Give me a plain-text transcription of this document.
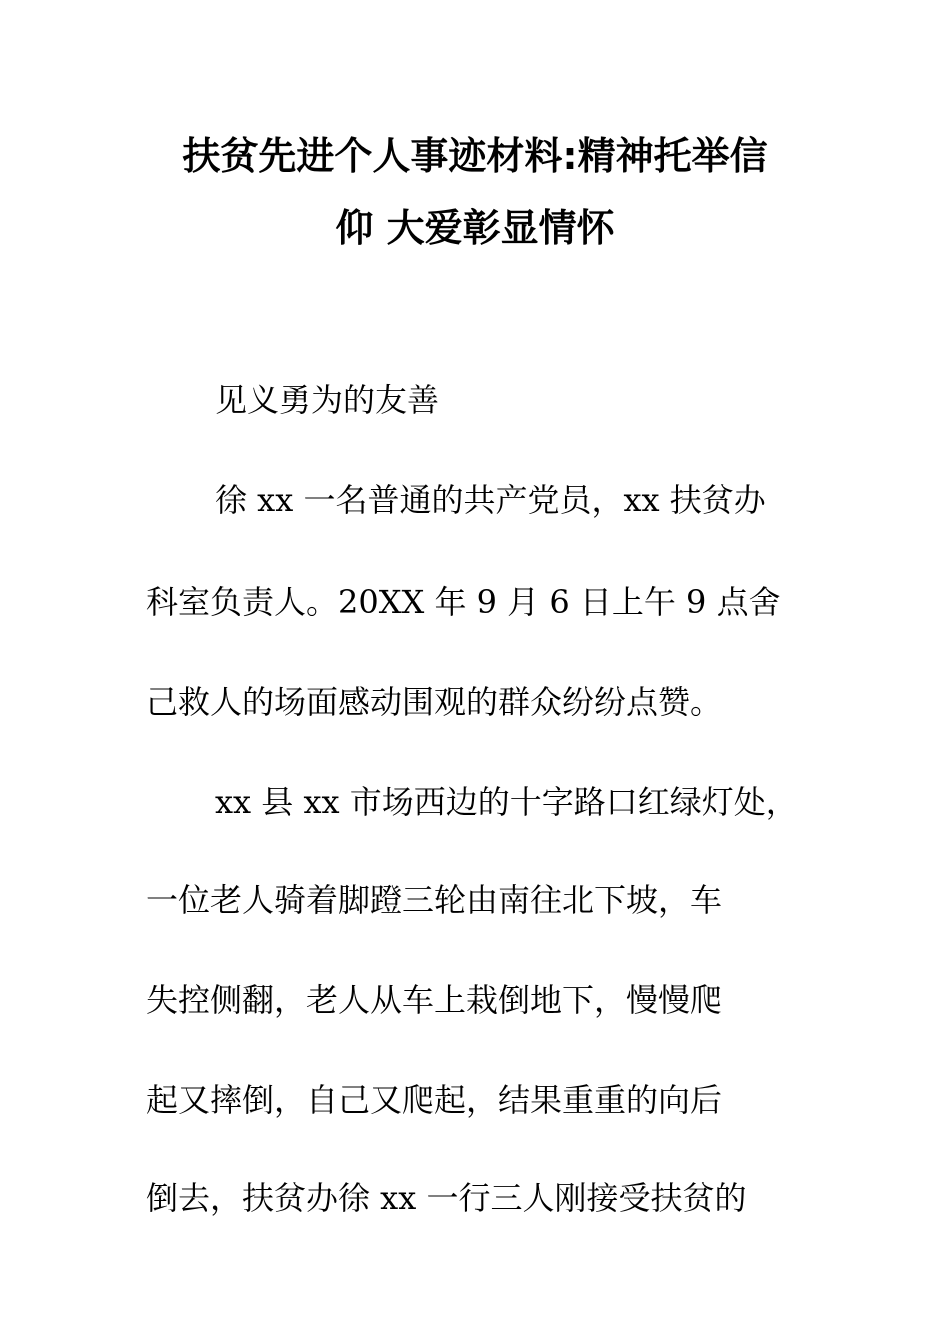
扶贫先进个人事迹材料:精神托举信
仰 大爱彰显情怀

见义勇为的友善

徐 xx 一名普通的共产党员，xx 扶贫办

科室负责人。20XX 年 9 月 6 日上午 9 点舍

己救人的场面感动围观的群众纷纷点赞。

xx 县 xx 市场西边的十字路口红绿灯处，

一位老人骑着脚蹬三轮由南往北下坡，车

失控侧翻，老人从车上栽倒地下，慢慢爬

起又摔倒，自己又爬起，结果重重的向后

倒去，扶贫办徐 xx 一行三人刚接受扶贫的
